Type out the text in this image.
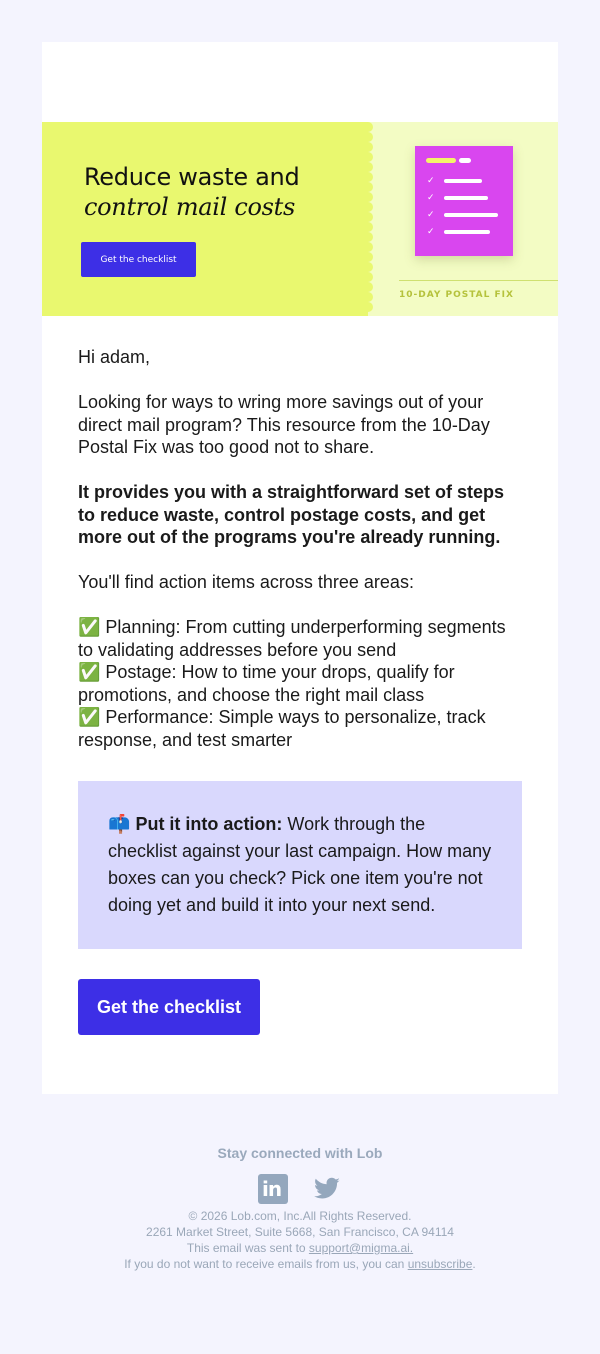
Reduce waste and
control mail costs
Get the checklist
✓
✓
✓
✓
10-DAY POSTAL FIX

Hi adam,

Looking for ways to wring more savings out of your direct mail program? This resource from the 10-Day Postal Fix was too good not to share.

It provides you with a straightforward set of steps to reduce waste, control postage costs, and get more out of the programs you're already running.

You'll find action items across three areas:

✅ Planning: From cutting underperforming segments to validating addresses before you send
✅ Postage: How to time your drops, qualify for promotions, and choose the right mail class
✅ Performance: Simple ways to personalize, track response, and test smarter
📫 Put it into action: Work through the checklist against your last campaign. How many boxes can you check? Pick one item you're not doing yet and build it into your next send.
Get the checklist
Stay connected with Lob
in
© 2026 Lob.com, Inc.All Rights Reserved.
2261 Market Street, Suite 5668, San Francisco, CA 94114
This email was sent to support@migma.ai.
If you do not want to receive emails from us, you can unsubscribe.
